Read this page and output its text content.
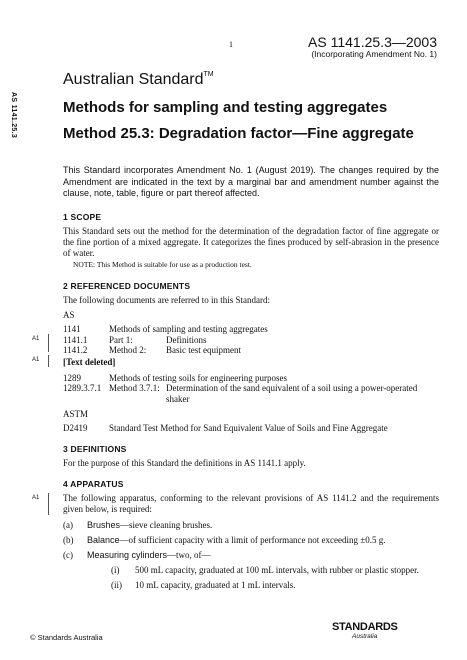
1	AS 1141.25.3—2003
(Incorporating Amendment No. 1)
AS 1141.25.3
Australian Standard™
Methods for sampling and testing aggregates
Method 25.3: Degradation factor—Fine aggregate
This Standard incorporates Amendment No. 1 (August 2019). The changes required by the Amendment are indicated in the text by a marginal bar and amendment number against the clause, note, table, figure or part thereof affected.
1 SCOPE
This Standard sets out the method for the determination of the degradation factor of fine aggregate or the fine portion of a mixed aggregate. It categorizes the fines produced by self-abrasion in the presence of water.
NOTE: This Method is suitable for use as a production test.
2 REFERENCED DOCUMENTS
The following documents are referred to in this Standard:
AS
1141	Methods of sampling and testing aggregates
A1	1141.1 Part 1:	Definitions
1141.2 Method 2: Basic test equipment
A1	[Text deleted]
1289	Methods of testing soils for engineering purposes
1289.3.7.1 Method 3.7.1: Determination of the sand equivalent of a soil using a power-operated shaker
ASTM
D2419 Standard Test Method for Sand Equivalent Value of Soils and Fine Aggregate
3 DEFINITIONS
For the purpose of this Standard the definitions in AS 1141.1 apply.
4 APPARATUS
A1	The following apparatus, conforming to the relevant provisions of AS 1141.2 and the requirements given below, is required:
(a) Brushes—sieve cleaning brushes.
(b) Balance—of sufficient capacity with a limit of performance not exceeding ±0.5 g.
(c) Measuring cylinders—two, of—
(i) 500 mL capacity, graduated at 100 mL intervals, with rubber or plastic stopper.
(ii) 10 mL capacity, graduated at 1 mL intervals.
© Standards Australia
STANDARDS
Australia
